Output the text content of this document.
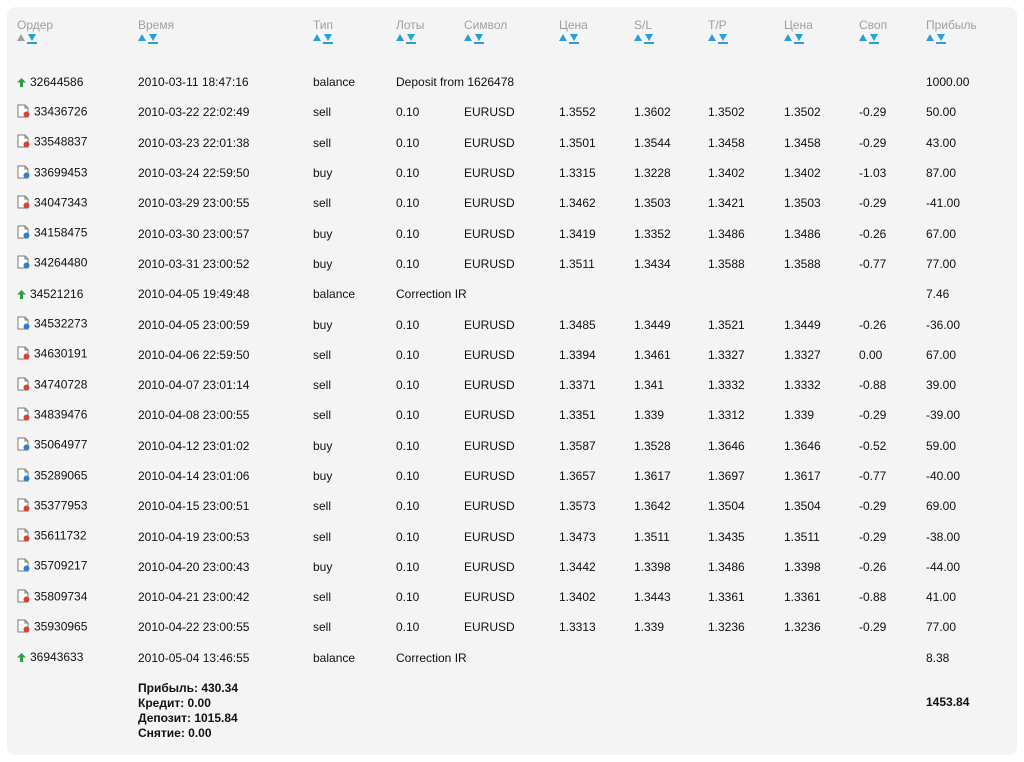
Ордер	Время	Тип	Лоты	Символ	Цена	S/L	T/P	Цена	Своп	Прибыль

32644586	2010-03-11 18:47:16	balance	Deposit from 1626478							1000.00
33436726	2010-03-22 22:02:49	sell	0.10	EURUSD	1.3552	1.3602	1.3502	1.3502	-0.29	50.00
33548837	2010-03-23 22:01:38	sell	0.10	EURUSD	1.3501	1.3544	1.3458	1.3458	-0.29	43.00
33699453	2010-03-24 22:59:50	buy	0.10	EURUSD	1.3315	1.3228	1.3402	1.3402	-1.03	87.00
34047343	2010-03-29 23:00:55	sell	0.10	EURUSD	1.3462	1.3503	1.3421	1.3503	-0.29	-41.00
34158475	2010-03-30 23:00:57	buy	0.10	EURUSD	1.3419	1.3352	1.3486	1.3486	-0.26	67.00
34264480	2010-03-31 23:00:52	buy	0.10	EURUSD	1.3511	1.3434	1.3588	1.3588	-0.77	77.00
34521216	2010-04-05 19:49:48	balance	Correction IR							7.46
34532273	2010-04-05 23:00:59	buy	0.10	EURUSD	1.3485	1.3449	1.3521	1.3449	-0.26	-36.00
34630191	2010-04-06 22:59:50	sell	0.10	EURUSD	1.3394	1.3461	1.3327	1.3327	0.00	67.00
34740728	2010-04-07 23:01:14	sell	0.10	EURUSD	1.3371	1.341	1.3332	1.3332	-0.88	39.00
34839476	2010-04-08 23:00:55	sell	0.10	EURUSD	1.3351	1.339	1.3312	1.339	-0.29	-39.00
35064977	2010-04-12 23:01:02	buy	0.10	EURUSD	1.3587	1.3528	1.3646	1.3646	-0.52	59.00
35289065	2010-04-14 23:01:06	buy	0.10	EURUSD	1.3657	1.3617	1.3697	1.3617	-0.77	-40.00
35377953	2010-04-15 23:00:51	sell	0.10	EURUSD	1.3573	1.3642	1.3504	1.3504	-0.29	69.00
35611732	2010-04-19 23:00:53	sell	0.10	EURUSD	1.3473	1.3511	1.3435	1.3511	-0.29	-38.00
35709217	2010-04-20 23:00:43	buy	0.10	EURUSD	1.3442	1.3398	1.3486	1.3398	-0.26	-44.00
35809734	2010-04-21 23:00:42	sell	0.10	EURUSD	1.3402	1.3443	1.3361	1.3361	-0.88	41.00
35930965	2010-04-22 23:00:55	sell	0.10	EURUSD	1.3313	1.339	1.3236	1.3236	-0.29	77.00
36943633	2010-05-04 13:46:55	balance	Correction IR							8.38

	Прибыль: 430.34
Кредит: 0.00
Депозит: 1015.84
Снятие: 0.00									1453.84
